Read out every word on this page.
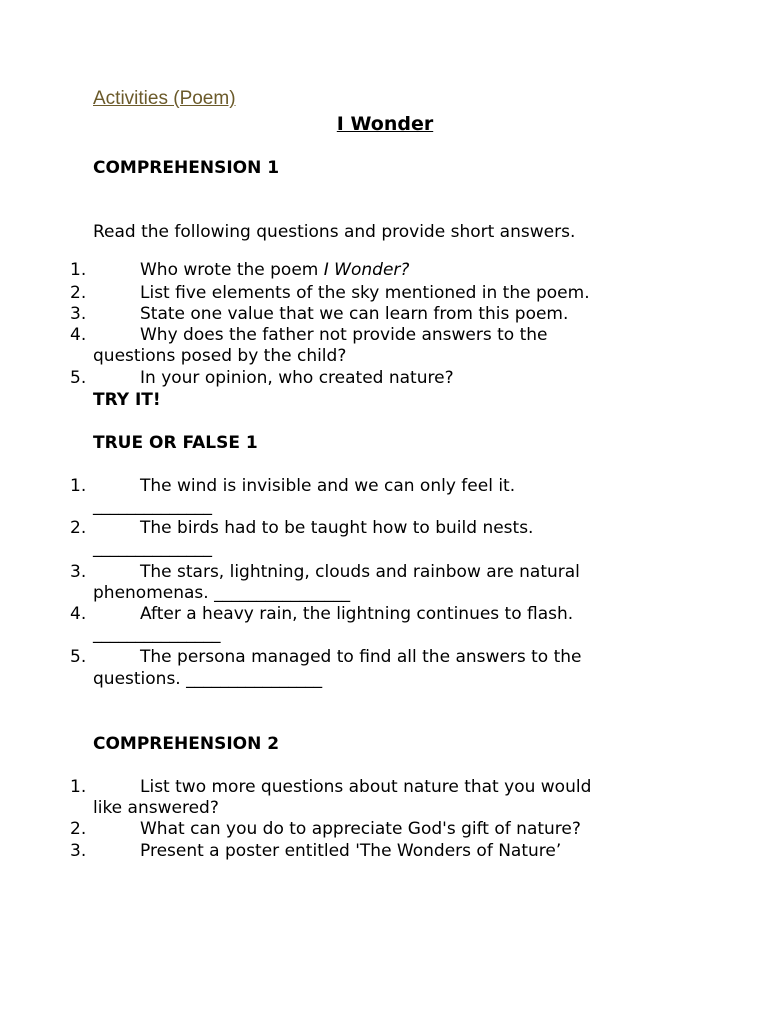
Activities (Poem)
I Wonder
COMPREHENSION 1
Read the following questions and provide short answers.
1.	Who wrote the poem I Wonder?
2.	List five elements of the sky mentioned in the poem.
3.	State one value that we can learn from this poem.
4.	Why does the father not provide answers to the
questions posed by the child?
5.	In your opinion, who created nature?
TRY IT!
TRUE OR FALSE 1
1.	The wind is invisible and we can only feel it.
______________
2.	The birds had to be taught how to build nests.
______________
3.	The stars, lightning, clouds and rainbow are natural
phenomenas. ________________
4.	After a heavy rain, the lightning continues to flash.
_______________
5.	The persona managed to find all the answers to the
questions. ________________
COMPREHENSION 2
1.	List two more questions about nature that you would
like answered?
2.	What can you do to appreciate God's gift of nature?
3.	Present a poster entitled 'The Wonders of Nature’
